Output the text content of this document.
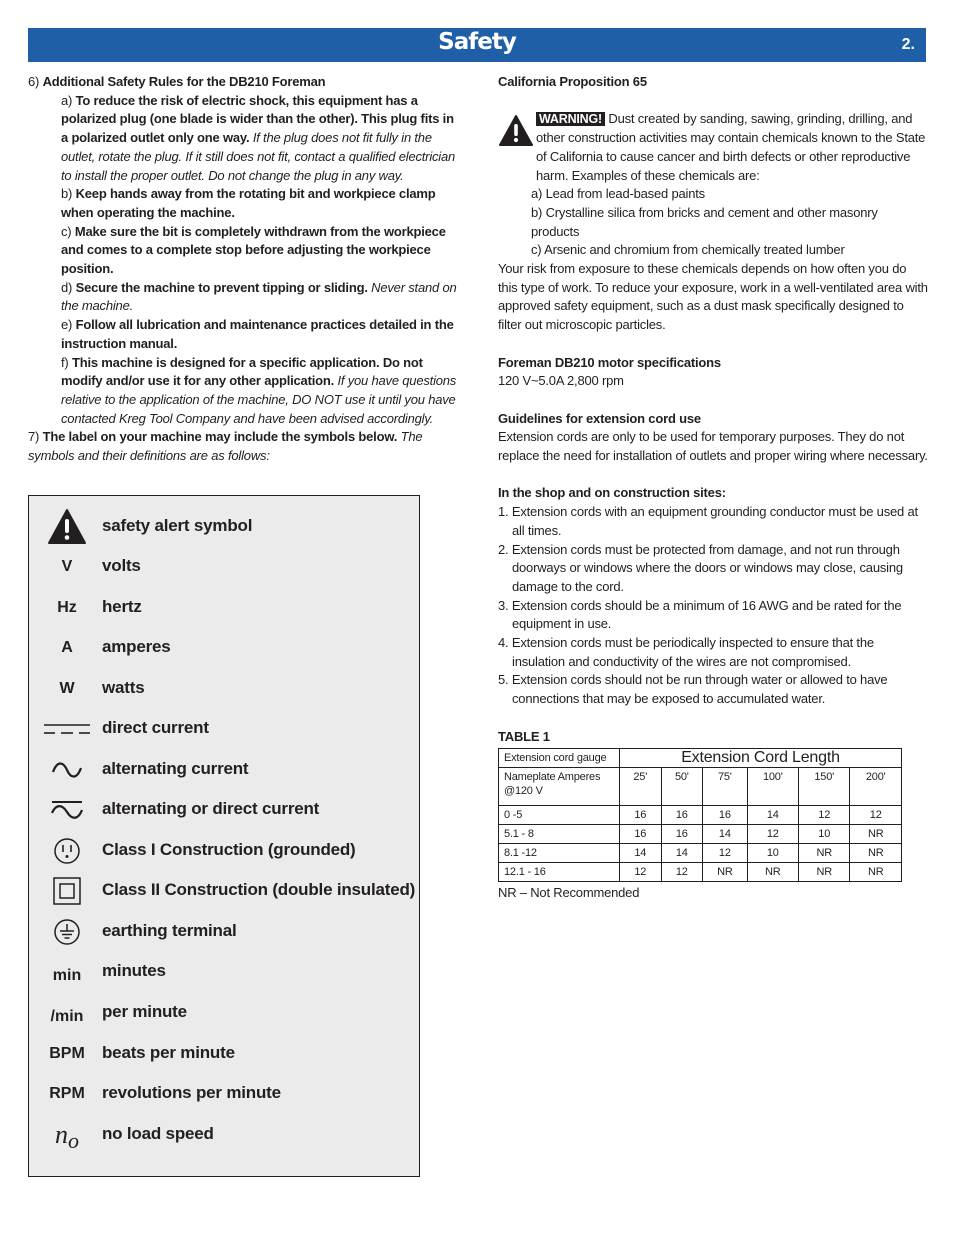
Safety	2.

6) Additional Safety Rules for the DB210 Foreman

a) To reduce the risk of electric shock, this equipment has a polarized plug (one blade is wider than the other). This plug fits in a polarized outlet only one way. If the plug does not fit fully in the outlet, rotate the plug. If it still does not fit, contact a qualified electrician to install the proper outlet. Do not change the plug in any way.

b) Keep hands away from the rotating bit and workpiece clamp when operating the machine.

c) Make sure the bit is completely withdrawn from the workpiece and comes to a complete stop before adjusting the workpiece position.

d) Secure the machine to prevent tipping or sliding. Never stand on the machine.

e) Follow all lubrication and maintenance practices detailed in the instruction manual.

f) This machine is designed for a specific application. Do not modify and/or use it for any other application. If you have questions relative to the application of the machine, DO NOT use it until you have contacted Kreg Tool Company and have been advised accordingly.

7) The label on your machine may include the symbols below. The symbols and their definitions are as follows:

safety alert symbol
V	volts
Hz	hertz
A	amperes
W	watts
direct current
alternating current
alternating or direct current
Class I Construction (grounded)
Class II Construction (double insulated)
earthing terminal
min	minutes
/min	per minute
BPM	beats per minute
RPM	revolutions per minute
n o no load speed

California Proposition 65

WARNING! Dust created by sanding, sawing, grinding, drilling, and other construction activities may contain chemicals known to the State of California to cause cancer and birth defects or other reproductive harm. Examples of these chemicals are:

a) Lead from lead-based paints

b) Crystalline silica from bricks and cement and other masonry products

c) Arsenic and chromium from chemically treated lumber

Your risk from exposure to these chemicals depends on how often you do this type of work. To reduce your exposure, work in a well-ventilated area with approved safety equipment, such as a dust mask specifically designed to filter out microscopic particles.

Foreman DB210 motor specifications

120 V~5.0A 2,800 rpm

Guidelines for extension cord use

Extension cords are only to be used for temporary purposes. They do not replace the need for installation of outlets and proper wiring where necessary.

In the shop and on construction sites:

1. Extension cords with an equipment grounding conductor must be used at all times.

2. Extension cords must be protected from damage, and not run through doorways or windows where the doors or windows may close, causing damage to the cord.

3. Extension cords should be a minimum of 16 AWG and be rated for the equipment in use.

4. Extension cords must be periodically inspected to ensure that the insulation and conductivity of the wires are not compromised.

5. Extension cords should not be run through water or allowed to have connections that may be exposed to accumulated water.

TABLE 1

Extension cord gauge	Extension Cord Length					
Nameplate Amperes @120 V	25'	50'	75'	100'	150'	200'
0 -5	16	16	16	14	12	12
5.1 - 8	16	16	14	12	10	NR
8.1 -12	14	14	12	10	NR	NR
12.1 - 16	12	12	NR	NR	NR	NR

NR – Not Recommended
